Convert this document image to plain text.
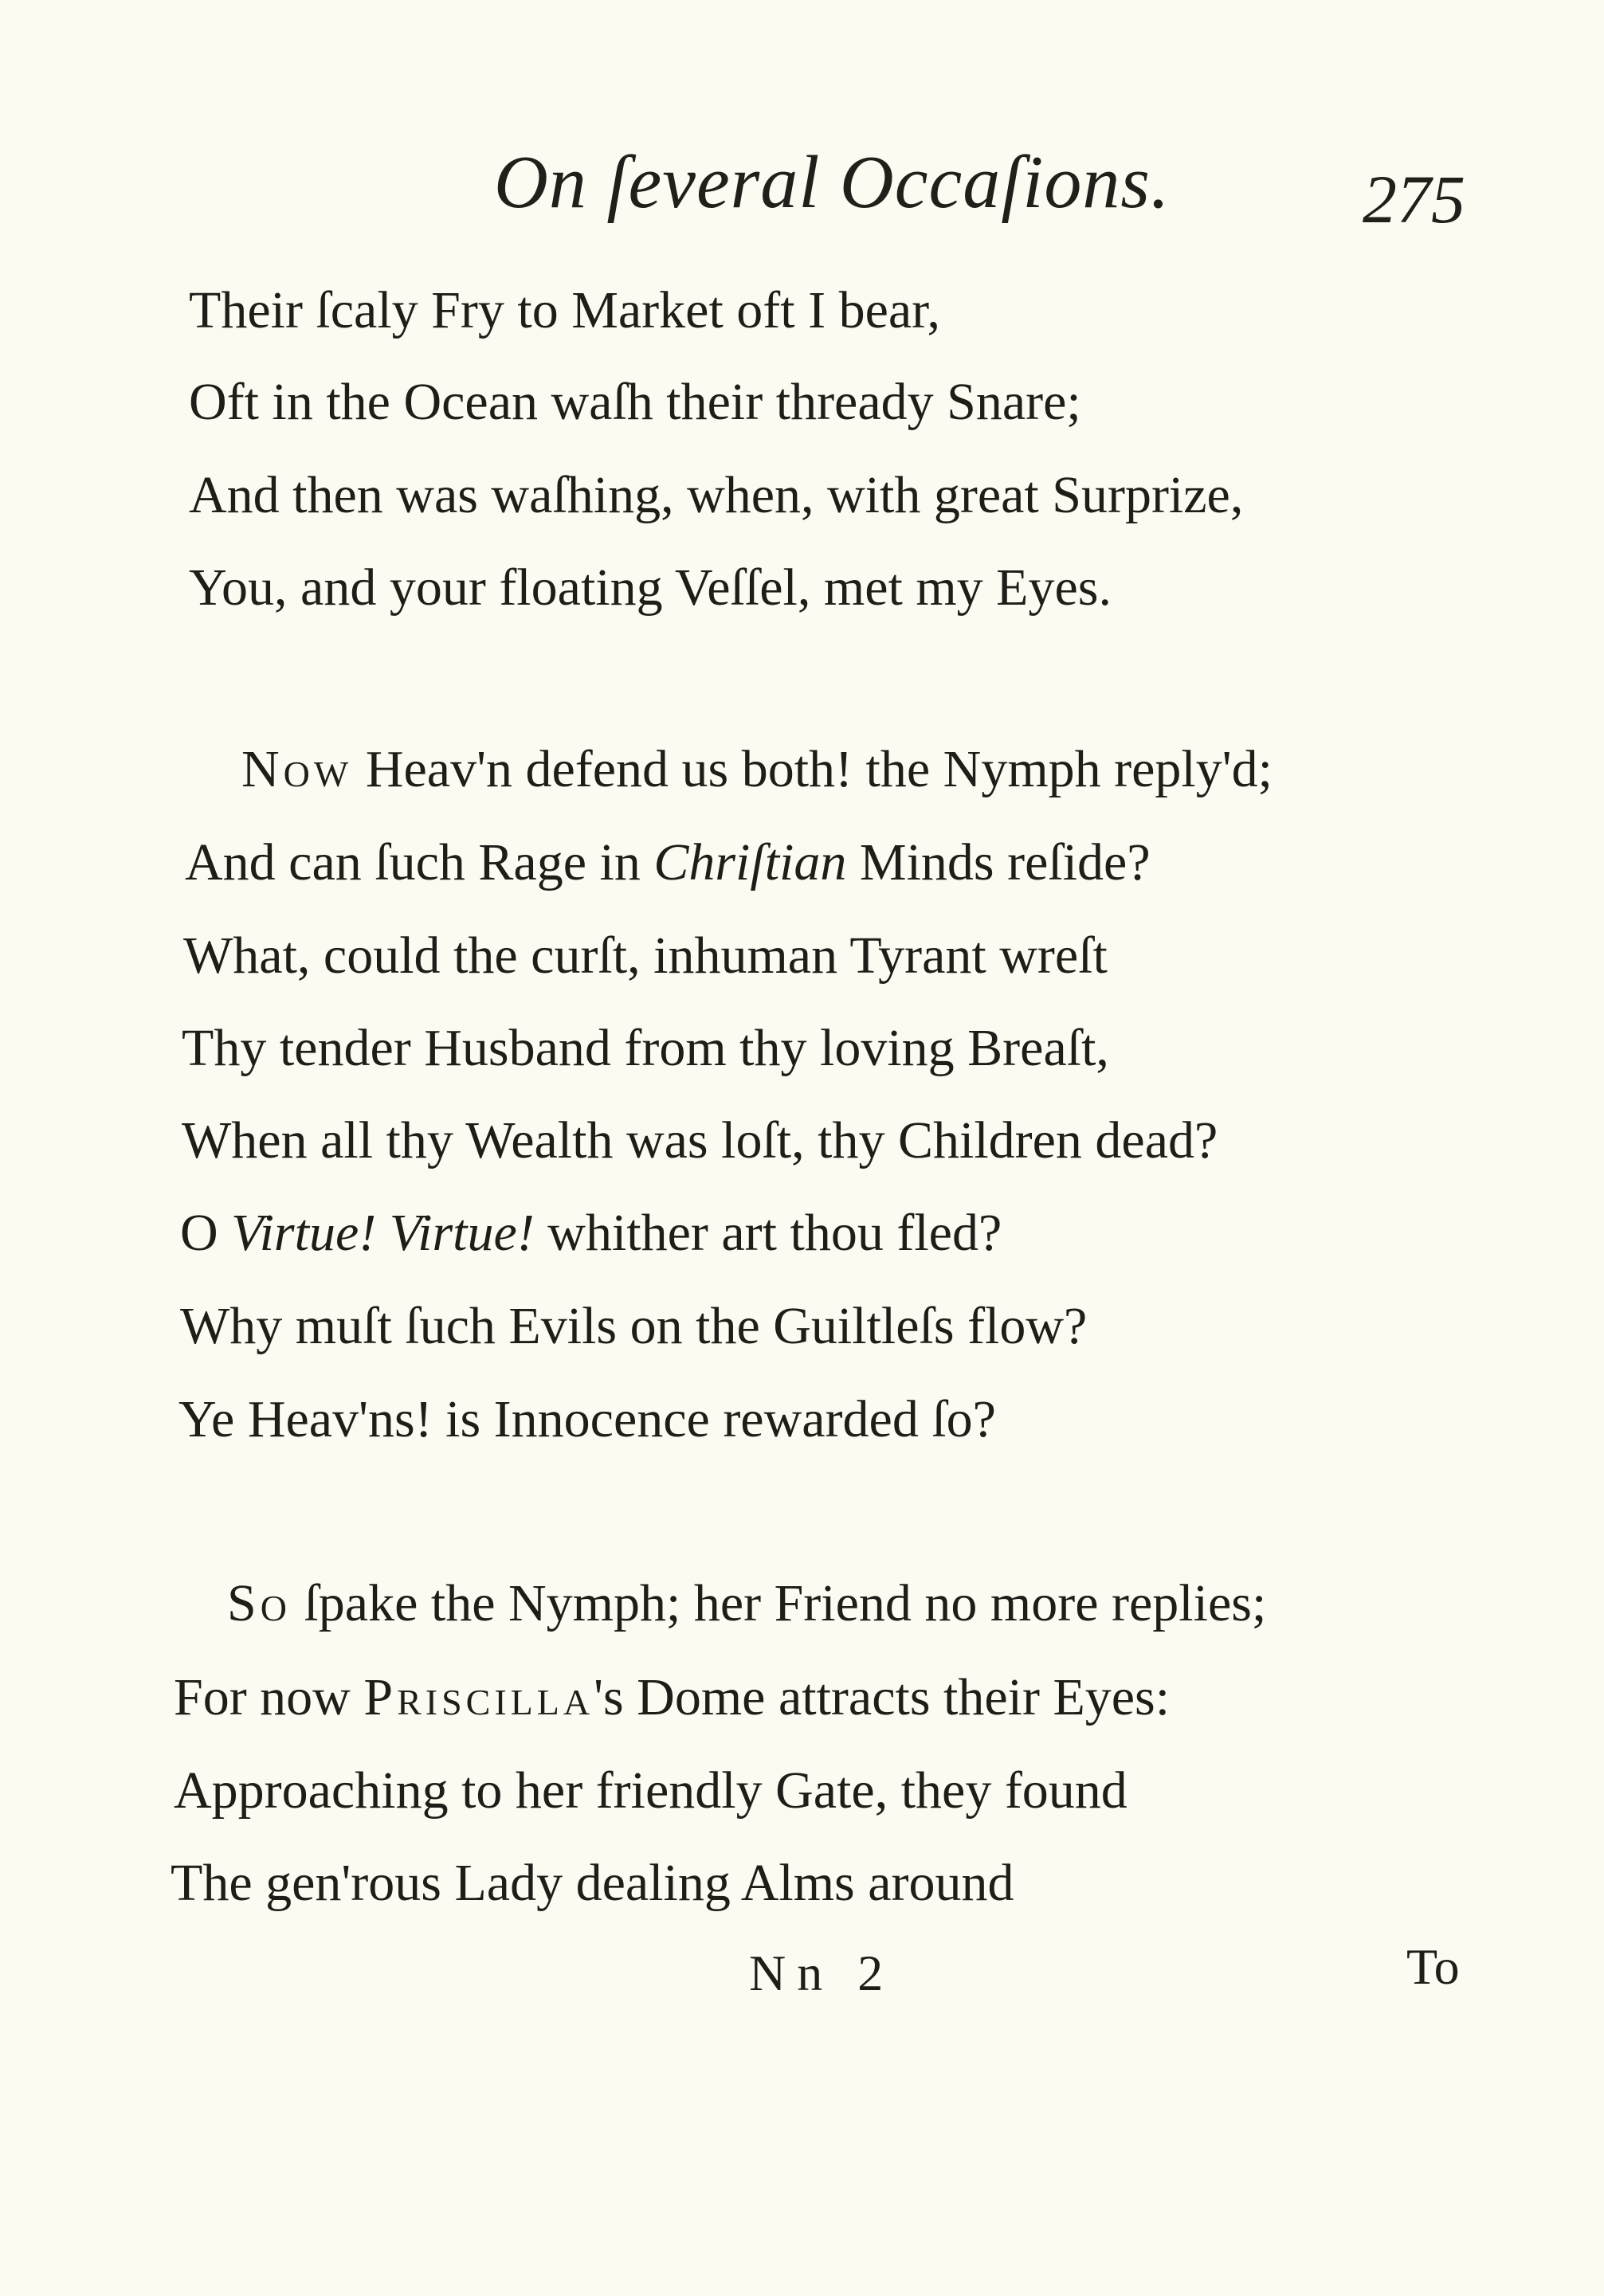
On ſeveral Occaſions.	275
Their ſcaly Fry to Market oft I bear,
Oft in the Ocean waſh their thready Snare;
And then was waſhing, when, with great Surprize,
You, and your floating Veſſel, met my Eyes.
Now Heav'n defend us both! the Nymph reply'd;
And can ſuch Rage in Chriſtian Minds reſide?
What, could the curſt, inhuman Tyrant wreſt
Thy tender Husband from thy loving Breaſt,
When all thy Wealth was loſt, thy Children dead?
O Virtue! Virtue! whither art thou fled?
Why muſt ſuch Evils on the Guiltleſs flow?
Ye Heav'ns! is Innocence rewarded ſo?
So ſpake the Nymph; her Friend no more replies;
For now Priscilla's Dome attracts their Eyes:
Approaching to her friendly Gate, they found
The gen'rous Lady dealing Alms around
Nn 2	To
